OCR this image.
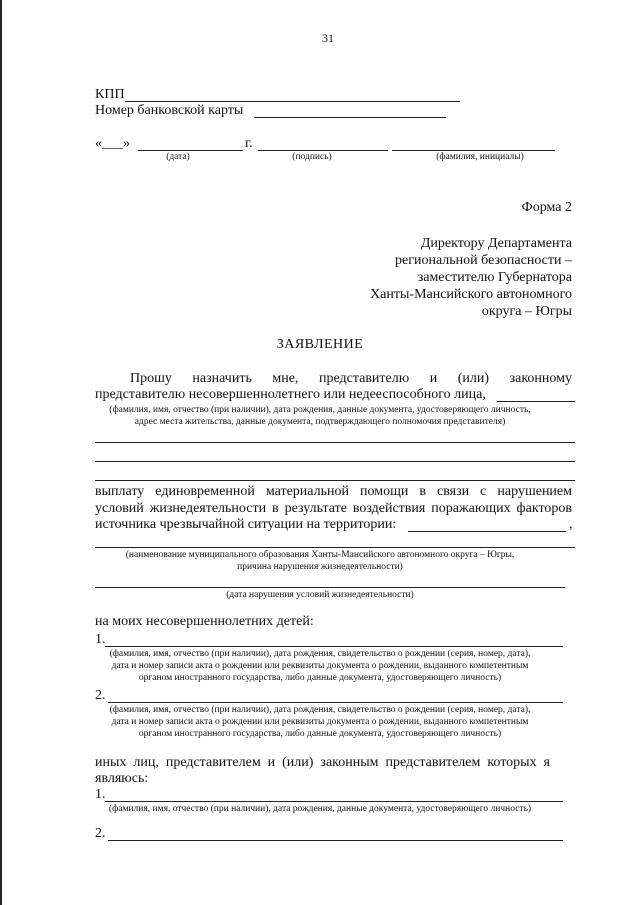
31
КПП
Номер банковской карты
«___»	г.
(дата)	(подпись)	(фамилия, инициалы)
Форма 2
Директору Департамента
региональной безопасности –
заместителю Губернатора
Ханты-Мансийского автономного
округа – Югры
ЗАЯВЛЕНИЕ
Прошу назначить мне, представителю и (или) законному
представителю несовершеннолетнего или недееспособного лица,
(фамилия, имя, отчество (при наличии), дата рождения, данные документа, удостоверяющего личность,
адрес места жительства, данные документа, подтверждающего полномочия представителя)
выплату единовременной материальной помощи в связи с нарушением
условий жизнедеятельности в результате воздействия поражающих факторов
источника чрезвычайной ситуации на территории:	,
(наименование муниципального образования Ханты-Мансийского автономного округа – Югры,
причина нарушения жизнедеятельности)
(дата нарушения условий жизнедеятельности)
на моих несовершеннолетних детей:
1.
(фамилия, имя, отчество (при наличии), дата рождения, свидетельство о рождении (серия, номер, дата),
дата и номер записи акта о рождении или реквизиты документа о рождении, выданного компетентным
органом иностранного государства, либо данные документа, удостоверяющего личность)
2.
(фамилия, имя, отчество (при наличии), дата рождения, свидетельство о рождении (серия, номер, дата),
дата и номер записи акта о рождении или реквизиты документа о рождении, выданного компетентным
органом иностранного государства, либо данные документа, удостоверяющего личность)
иных лиц, представителем и (или) законным представителем которых я
являюсь:
1.
(фамилия, имя, отчество (при наличии), дата рождения, данные документа, удостоверяющего личность)
2.
